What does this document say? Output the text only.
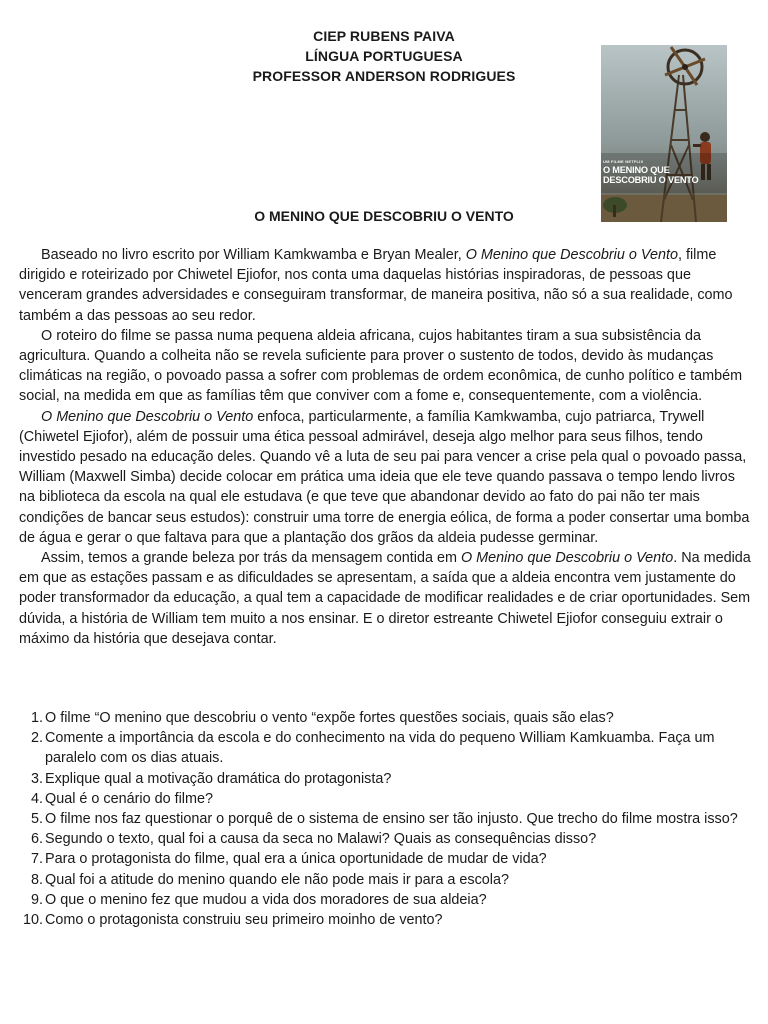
CIEP RUBENS PAIVA
LÍNGUA PORTUGUESA
PROFESSOR ANDERSON RODRIGUES
UM FILME NETFLIX
O MENINO QUE
DESCOBRIU O VENTO
O MENINO QUE DESCOBRIU O VENTO

Baseado no livro escrito por William Kamkwamba e Bryan Mealer, O Menino que Descobriu o Vento, filme dirigido e roteirizado por Chiwetel Ejiofor, nos conta uma daquelas histórias inspiradoras, de pessoas que venceram grandes adversidades e conseguiram transformar, de maneira positiva, não só a sua realidade, como também a das pessoas ao seu redor.

O roteiro do filme se passa numa pequena aldeia africana, cujos habitantes tiram a sua subsistência da agricultura. Quando a colheita não se revela suficiente para prover o sustento de todos, devido às mudanças climáticas na região, o povoado passa a sofrer com problemas de ordem econômica, de cunho político e também social, na medida em que as famílias têm que conviver com a fome e, consequentemente, com a violência.

O Menino que Descobriu o Vento enfoca, particularmente, a família Kamkwamba, cujo patriarca, Trywell (Chiwetel Ejiofor), além de possuir uma ética pessoal admirável, deseja algo melhor para seus filhos, tendo investido pesado na educação deles. Quando vê a luta de seu pai para vencer a crise pela qual o povoado passa, William (Maxwell Simba) decide colocar em prática uma ideia que ele teve quando passava o tempo lendo livros na biblioteca da escola na qual ele estudava (e que teve que abandonar devido ao fato do pai não ter mais condições de bancar seus estudos): construir uma torre de energia eólica, de forma a poder consertar uma bomba de água e gerar o que faltava para que a plantação dos grãos da aldeia pudesse germinar.

Assim, temos a grande beleza por trás da mensagem contida em O Menino que Descobriu o Vento. Na medida em que as estações passam e as dificuldades se apresentam, a saída que a aldeia encontra vem justamente do poder transformador da educação, a qual tem a capacidade de modificar realidades e de criar oportunidades. Sem dúvida, a história de William tem muito a nos ensinar. E o diretor estreante Chiwetel Ejiofor conseguiu extrair o máximo da história que desejava contar.

1. O filme “O menino que descobriu o vento “expõe fortes questões sociais, quais são elas?
2. Comente a importância da escola e do conhecimento na vida do pequeno William Kamkuamba. Faça um paralelo com os dias atuais.
3. Explique qual a motivação dramática do protagonista?
4. Qual é o cenário do filme?
5. O filme nos faz questionar o porquê de o sistema de ensino ser tão injusto. Que trecho do filme mostra isso?
6. Segundo o texto, qual foi a causa da seca no Malawi? Quais as consequências disso?
7. Para o protagonista do filme, qual era a única oportunidade de mudar de vida?
8. Qual foi a atitude do menino quando ele não pode mais ir para a escola?
9. O que o menino fez que mudou a vida dos moradores de sua aldeia?
10. Como o protagonista construiu seu primeiro moinho de vento?
